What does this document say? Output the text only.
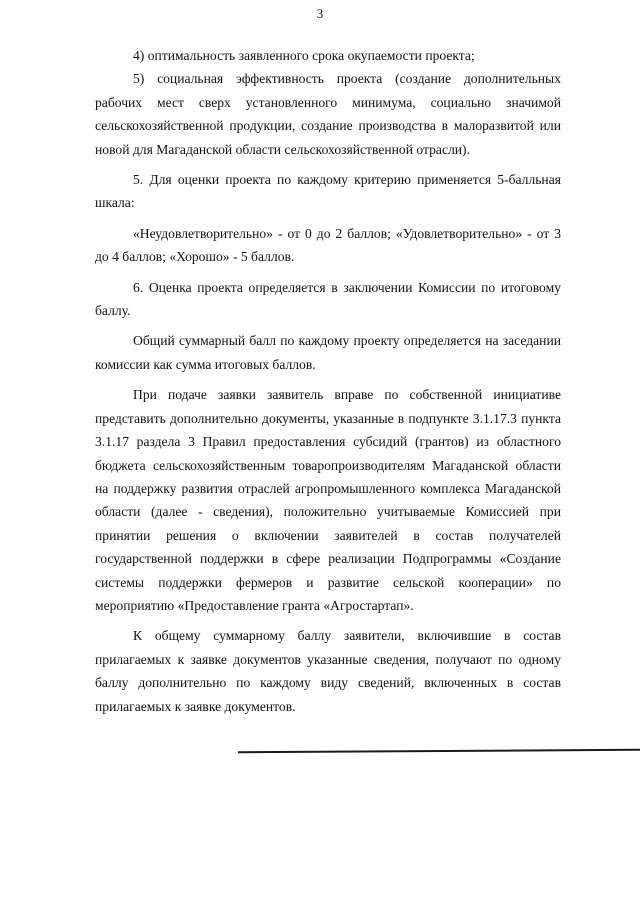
3

4) оптимальность заявленного срока окупаемости проекта;

5) социальная эффективность проекта (создание дополнительных рабочих мест сверх установленного минимума, социально значимой сельскохозяйственной продукции, создание производства в малоразвитой или новой для Магаданской области сельскохозяйственной отрасли).

5. Для оценки проекта по каждому критерию применяется 5-балльная шкала:

«Неудовлетворительно» - от 0 до 2 баллов; «Удовлетворительно» - от 3 до 4 баллов; «Хорошо» - 5 баллов.

6. Оценка проекта определяется в заключении Комиссии по итоговому баллу.

Общий суммарный балл по каждому проекту определяется на заседании комиссии как сумма итоговых баллов.

При подаче заявки заявитель вправе по собственной инициативе представить дополнительно документы, указанные в подпункте 3.1.17.3 пункта 3.1.17 раздела 3 Правил предоставления субсидий (грантов) из областного бюджета сельскохозяйственным товаропроизводителям Магаданской области на поддержку развития отраслей агропромышленного комплекса Магаданской области (далее - сведения), положительно учитываемые Комиссией при принятии решения о включении заявителей в состав получателей государственной поддержки в сфере реализации Подпрограммы «Создание системы поддержки фермеров и развитие сельской кооперации» по мероприятию «Предоставление гранта «Агростартап».

К общему суммарному баллу заявители, включившие в состав прилагаемых к заявке документов указанные сведения, получают по одному баллу дополнительно по каждому виду сведений, включенных в состав прилагаемых к заявке документов.
